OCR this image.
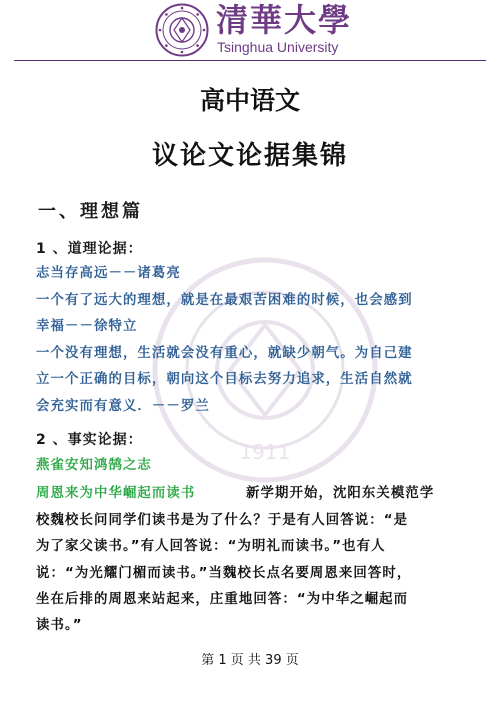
清華大學
Tsinghua University
1911
高中语文
议论文论据集锦
一、理想篇
1 、道理论据：
志当存高远－－诸葛亮
一个有了远大的理想，就是在最艰苦困难的时候，也会感到
幸福－－徐特立
一个没有理想，生活就会没有重心，就缺少朝气。为自己建
立一个正确的目标，朝向这个目标去努力追求，生活自然就
会充实而有意义．－－罗兰
2 、事实论据：
燕雀安知鸿鹄之志
周恩来为中华崛起而读书	新学期开始，沈阳东关模范学
校魏校长问同学们读书是为了什么？于是有人回答说：“是
为了家父读书。”有人回答说：“为明礼而读书。”也有人
说：“为光耀门楣而读书。”当魏校长点名要周恩来回答时，
坐在后排的周恩来站起来，庄重地回答：“为中华之崛起而
读书。”
第 1 页 共 39 页
